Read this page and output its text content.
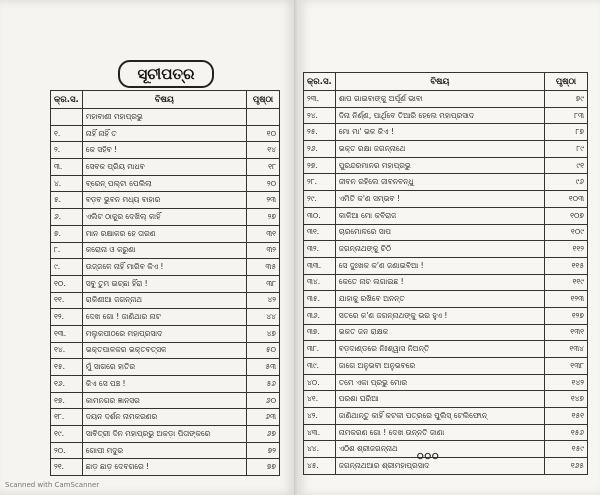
ସୂଚୀପତ୍ର
କ୍ର.ସ.	ବିଷୟ	ପୃଷ୍ଠା
	ମହାବାଣୀ ମହାପ୍ରଭୁ	
୧.	ନାହିଁ ନାହିଁ ତ	୧୦
୨.	କେ ସହିବ !	୧୪
୩.	ସେବକ ପ୍ରିୟ ମାଧବ	୧୮
୪.	ବ୍ରେନ୍ ପଲ୍ଟା ପେଲିଲା	୨୦
୫.	ବଡ଼ବ ଭୁବନ ମଧ୍ୟ ବାହାର	୨୩
୬.	ଏଲିଟ ଠାକୁର ଦେଖିଲ୍ କାହିଁ	୨୭
୭.	ମାନ ରକ୍ଷାକର ହେ ତାରଣ	୩୧
୮.	କରୋନା ଓ କରୁଣା	୩୨
୯.	ଉଜ୍ଜଳେ ନାହିଁ ମାରିବ କିଏ !	୩୫
୧୦.	ସବୁ ତୁମ ଇଚ୍ଛା ହିଁରା !	୩୮
୧୧.	ରାକିଣୀଆ ଜଗନ୍ନାଥ	୪୨
୧୨.	ଦେଖ ଗୋ ! ଜାଣିଥାର ନାଟ	୪୪
୧୩.	ମଲୁକପୀଠରେ ମହାପ୍ରସାଦ	୪୭
୧୪.	ଭକ୍ତପାଳକର ଭକ୍ତବତ୍ସଳ	୫୦
୧୫.	ମୁଁ ସାଗରେ ହାତିର	୫୩
୧୬.	କିଏ ସେ ପଞ୍ଚ !	୫୬
୧୭.	କାମନଗର ଜ୍ଞାନସର	୬୦
୧୮.	ଦୟନ ଦର୍ଶନ ନାମକରଣର	୬୩
୧୯.	ସାବିତ୍ରୀ ଦିନ ମହାପ୍ରଭୁ ଅକଡ଼ା ପିତାଙ୍କରେ	୬୭
୨୦.	ଗୋପୀ ମଦୁର	୭୨
୨୧.	ଛାଡ଼ ଛାଡ଼ ଦେବଗରେ !	୭୭
କ୍ର.ସ.	ବିଷୟ	ପୃଷ୍ଠା
୨୩.	ଶାପ ଗାଇବାଙ୍କୁ ଅର୍ପୂର୍ଣ ଭାବା	୭୯
୨୪.	ଦିନା ନିର୍ଣ୍ଣ, ପାର୍ଥିବେ ତିଆରି ହେଲେ ମହାପ୍ରସାଦ	୮୩
୨୫.	ମୋ ମା' ଭଳ କିଏ !	୮୭
୨୬.	ଭକ୍ତ ରକ୍ଷା ଜଗନ୍ନାଥେ	୮୯
୨୭.	ପୁରନ୍ଦରମାନର ମହାପ୍ରଭୁ	୯୧
୨୮.	ଜୀବନ ରହିଲେ ଜୀବନବନ୍ଧୁ	୯୬
୨୯.	ଏମିତି କ'ଣ ସମ୍ଭବ !	୧୦୩
୩୦.	କାଳିଆ ମୋ କବିରାଜ	୧୦୭
୩୧.	ଚାରମୋଳରେ ସାପ	୧୦୯
୩୨.	ଜଗନ୍ନାଥଙ୍କୁ ଚିଠି	୧୧୨
୩୩.	ସେ ଦୁଃଖକ କ'ଣ ଜଣାଇବିଆ !	୧୧୫
୩୪.	କେତେ ନାଚ ଲଗାଇଛ !	୧୧୯
୩୫.	ଯାହାକୁ ରଖିବେ ଅନନ୍ତ	୧୨୩
୩୬.	ସତରେ କ'ଣ ଜଗନ୍ନାଥଙ୍କୁ ଭର ହୁଏ !	୧୨୭
୩୭.	ଭକତ ଜନ ରାକ୍ଷକ	୧୩୧
୩୮.	ବଡ଼ଦାଣ୍ଡରେ ନିଃଶ୍ୱାସ ନିଅନ୍ତି	୧୩୪
୩୯.	ଜାଗେ ଅନୁଭବୀ ଅନୁଭବରେ	୧୩୮
୪୦.	ତମେ ଏକା ପ୍ରଭୁ ମୋର	୧୪୨
୪୧.	ପରଶା ଘରିଆ	୧୪୭
୪୨.	ଜାଣିଥାନ୍ତୁ କାହିଁ କଟକୀ ପତ୍ରରେ ପୁଲିସ୍ ଟେଲିଫୋନ୍	୧୫୧
୪୩.	ନାମକରଣ ଗୋ ! ଦେଖ ଉନ୍ନତି ଜାଣା	୧୫୬
୪୪.	ଏଠିଶ ଶ୍ରୀଜଗନ୍ନାଥ	୧୫୯
୪୫.	ଜଗନ୍ନାଥଆର ଶ୍ରୀମହାପ୍ରସାଦ	୧୬୫
୦୦୦
Scanned with CamScanner
